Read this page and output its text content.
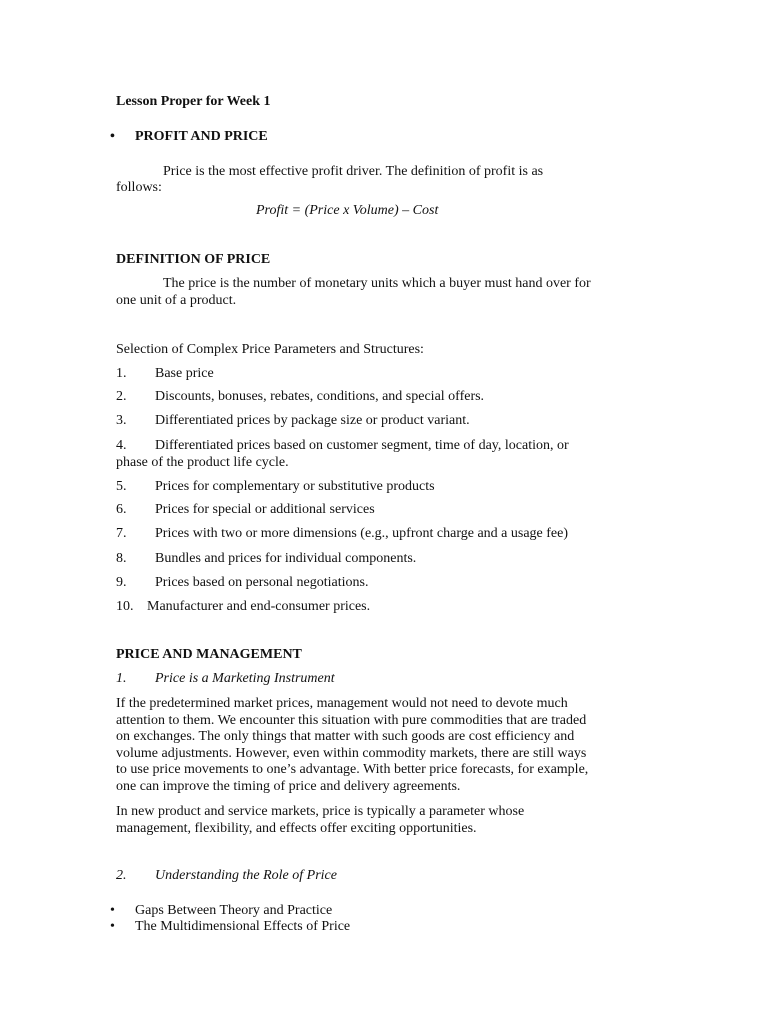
Lesson Proper for Week 1
• PROFIT AND PRICE
Price is the most effective profit driver. The definition of profit is as
follows:
Profit = (Price x Volume) – Cost
DEFINITION OF PRICE
The price is the number of monetary units which a buyer must hand over for
one unit of a product.
Selection of Complex Price Parameters and Structures:
1. Base price
2. Discounts, bonuses, rebates, conditions, and special offers.
3. Differentiated prices by package size or product variant.
4. Differentiated prices based on customer segment, time of day, location, or
phase of the product life cycle.
5. Prices for complementary or substitutive products
6. Prices for special or additional services
7. Prices with two or more dimensions (e.g., upfront charge and a usage fee)
8. Bundles and prices for individual components.
9. Prices based on personal negotiations.
10. Manufacturer and end-consumer prices.
PRICE AND MANAGEMENT
1. Price is a Marketing Instrument
If the predetermined market prices, management would not need to devote much
attention to them. We encounter this situation with pure commodities that are traded
on exchanges. The only things that matter with such goods are cost efficiency and
volume adjustments. However, even within commodity markets, there are still ways
to use price movements to one’s advantage. With better price forecasts, for example,
one can improve the timing of price and delivery agreements.
In new product and service markets, price is typically a parameter whose
management, flexibility, and effects offer exciting opportunities.
2. Understanding the Role of Price
• Gaps Between Theory and Practice
• The Multidimensional Effects of Price
